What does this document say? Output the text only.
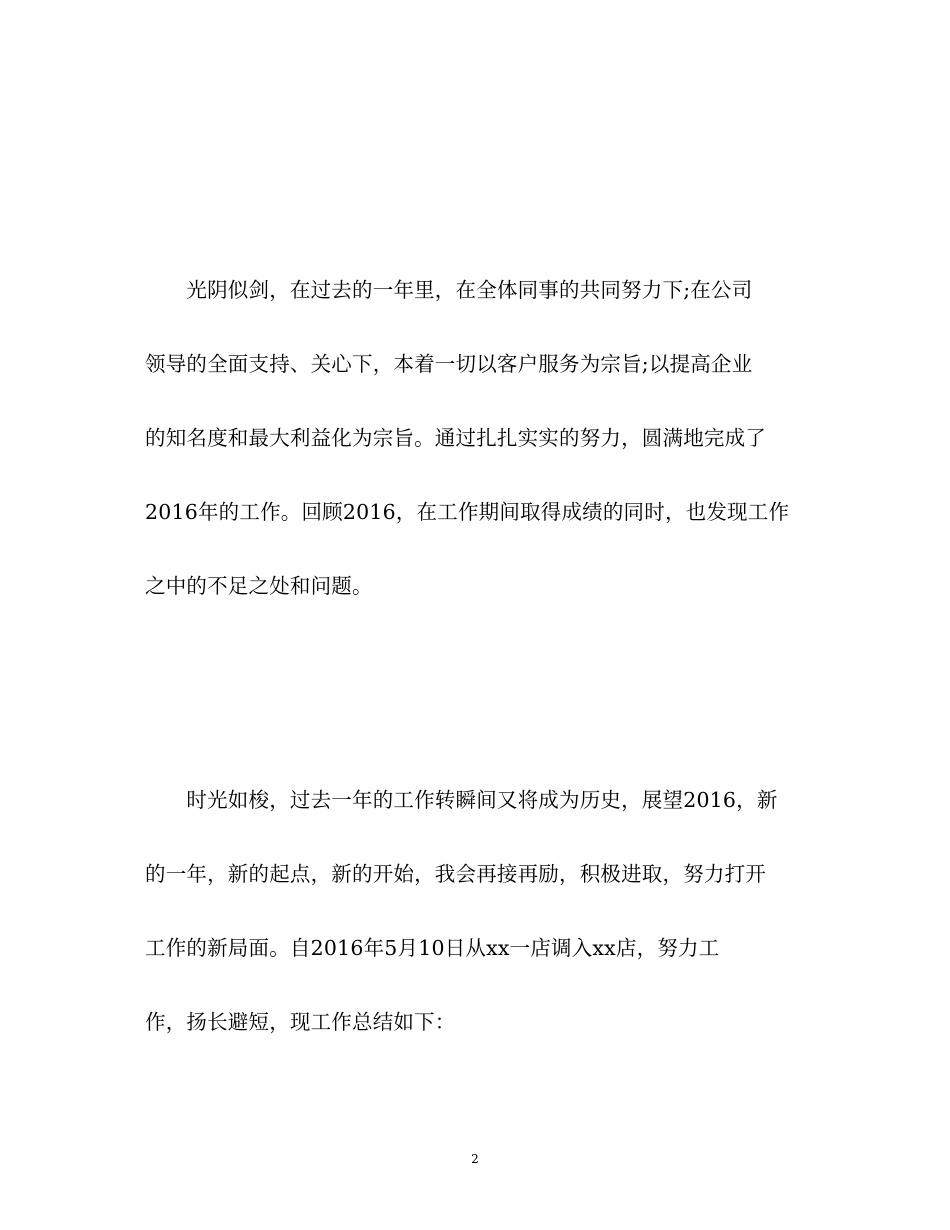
　　光阴似剑，在过去的一年里，在全体同事的共同努力下;在公司
领导的全面支持、关心下，本着一切以客户服务为宗旨;以提高企业
的知名度和最大利益化为宗旨。通过扎扎实实的努力，圆满地完成了
2016年的工作。回顾2016，在工作期间取得成绩的同时，也发现工作
之中的不足之处和问题。
　　时光如梭，过去一年的工作转瞬间又将成为历史，展望2016，新
的一年，新的起点，新的开始，我会再接再励，积极进取，努力打开
工作的新局面。自2016年5月10日从xx一店调入xx店，努力工
作，扬长避短，现工作总结如下：
2
